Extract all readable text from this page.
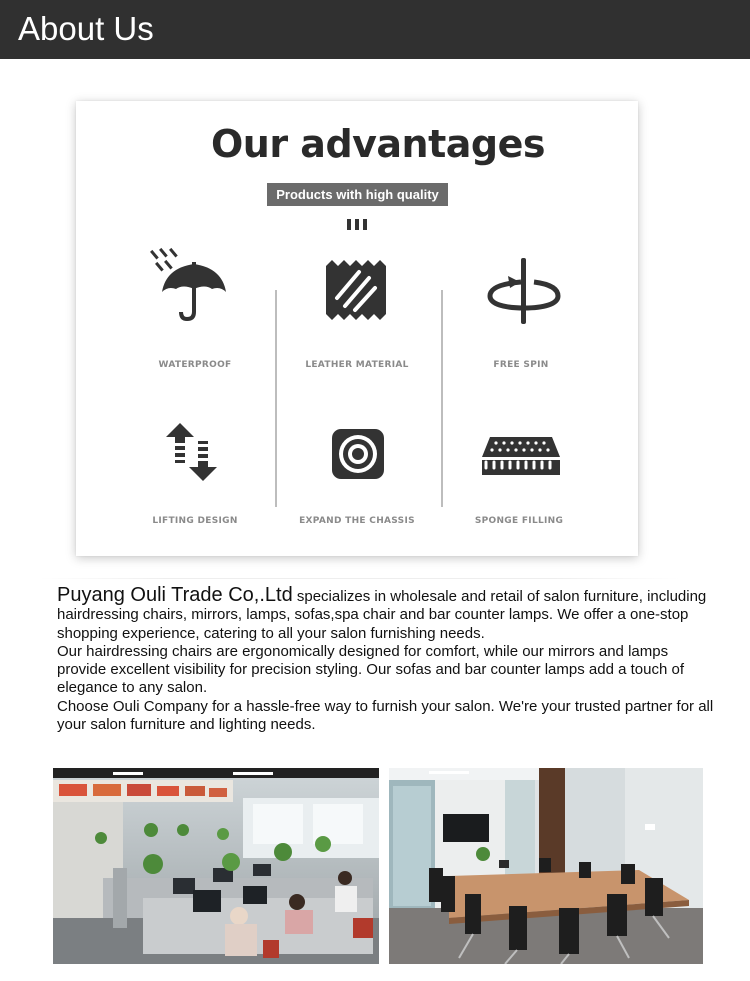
About Us
Our advantages
Products with high quality
WATERPROOF	LEATHER MATERIAL	FREE SPIN
LIFTING DESIGN	EXPAND THE CHASSIS	SPONGE FILLING

Puyang Ouli Trade Co,.Ltd specializes in wholesale and retail of salon furniture, including hairdressing chairs, mirrors, lamps, sofas,spa chair and bar counter lamps. We offer a one-stop shopping experience, catering to all your salon furnishing needs.

Our hairdressing chairs are ergonomically designed for comfort, while our mirrors and lamps provide excellent visibility for precision styling. Our sofas and bar counter lamps add a touch of elegance to any salon.

Choose Ouli Company for a hassle-free way to furnish your salon. We're your trusted partner for all your salon furniture and lighting needs.
